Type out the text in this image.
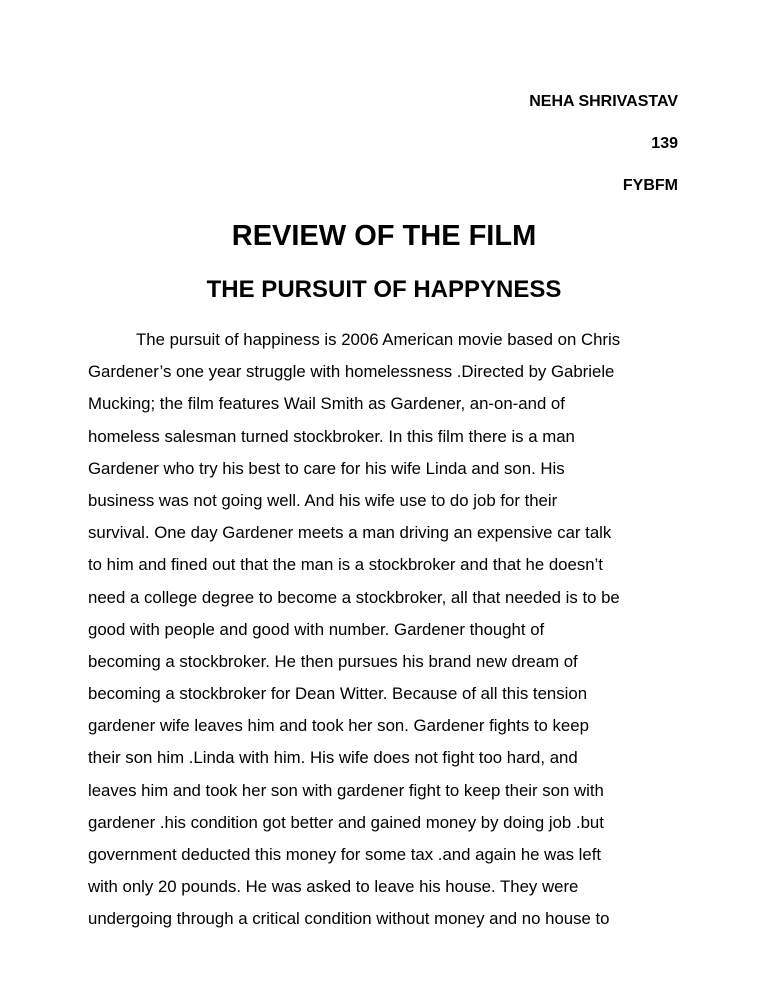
NEHA SHRIVASTAV
139
FYBFM
REVIEW OF THE FILM
THE PURSUIT OF HAPPYNESS
The pursuit of happiness is 2006 American movie based on Chris
Gardener’s one year struggle with homelessness .Directed by Gabriele
Mucking; the film features Wail Smith as Gardener, an-on-and of
homeless salesman turned stockbroker. In this film there is a man
Gardener who try his best to care for his wife Linda and son. His
business was not going well. And his wife use to do job for their
survival. One day Gardener meets a man driving an expensive car talk
to him and fined out that the man is a stockbroker and that he doesn’t
need a college degree to become a stockbroker, all that needed is to be
good with people and good with number. Gardener thought of
becoming a stockbroker. He then pursues his brand new dream of
becoming a stockbroker for Dean Witter. Because of all this tension
gardener wife leaves him and took her son. Gardener fights to keep
their son him .Linda with him. His wife does not fight too hard, and
leaves him and took her son with gardener fight to keep their son with
gardener .his condition got better and gained money by doing job .but
government deducted this money for some tax .and again he was left
with only 20 pounds. He was asked to leave his house. They were
undergoing through a critical condition without money and no house to
